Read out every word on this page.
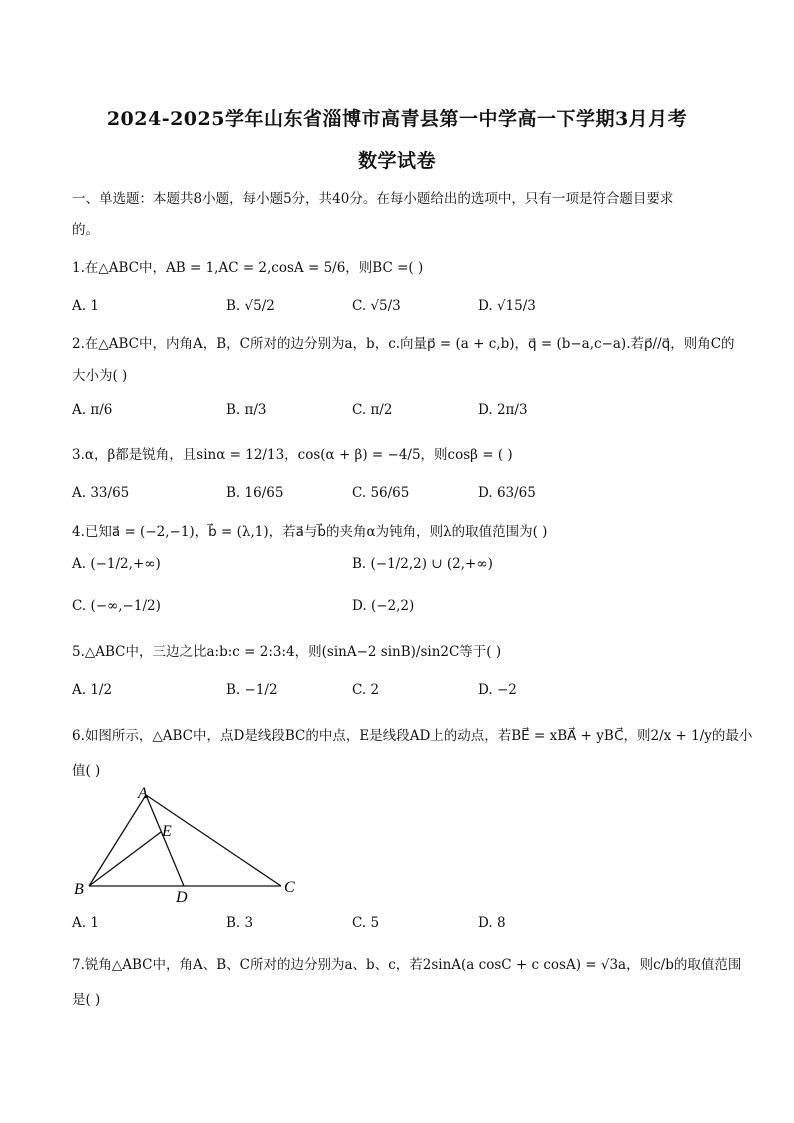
2024-2025学年山东省淄博市高青县第一中学高一下学期3月月考
数学试卷
一、单选题：本题共8小题，每小题5分，共40分。在每小题给出的选项中，只有一项是符合题目要求
的。
1.在△ABC中，AB = 1,AC = 2,cosA = 5/6，则BC =( )
A. 1	B. √5/2	C. √5/3	D. √15/3
2.在△ABC中，内角A，B，C所对的边分别为a，b，c.向量p⃗ = (a + c,b)，q⃗ = (b−a,c−a).若p⃗//q⃗，则角C的
大小为( )
A. π/6	B. π/3	C. π/2	D. 2π/3
3.α，β都是锐角，且sinα = 12/13，cos(α + β) = −4/5，则cosβ = ( )
A. 33/65	B. 16/65	C. 56/65	D. 63/65
4.已知a⃗ = (−2,−1)，b⃗ = (λ,1)，若a⃗与b⃗的夹角α为钝角，则λ的取值范围为( )
A. (−1/2,+∞)	B. (−1/2,2) ∪ (2,+∞)
C. (−∞,−1/2)	D. (−2,2)
5.△ABC中，三边之比a:b:c = 2:3:4，则(sinA−2 sinB)/sin2C等于( )
A. 1/2	B. −1/2	C. 2	D. −2
6.如图所示，△ABC中，点D是线段BC的中点，E是线段AD上的动点，若BE⃗ = xBA⃗ + yBC⃗，则2/x + 1/y的最小
值( )
A
E
B	D
C
A. 1	B. 3	C. 5	D. 8
7.锐角△ABC中，角A、B、C所对的边分别为a、b、c，若2sinA(a cosC + c cosA) = √3a，则c/b的取值范围
是( )
